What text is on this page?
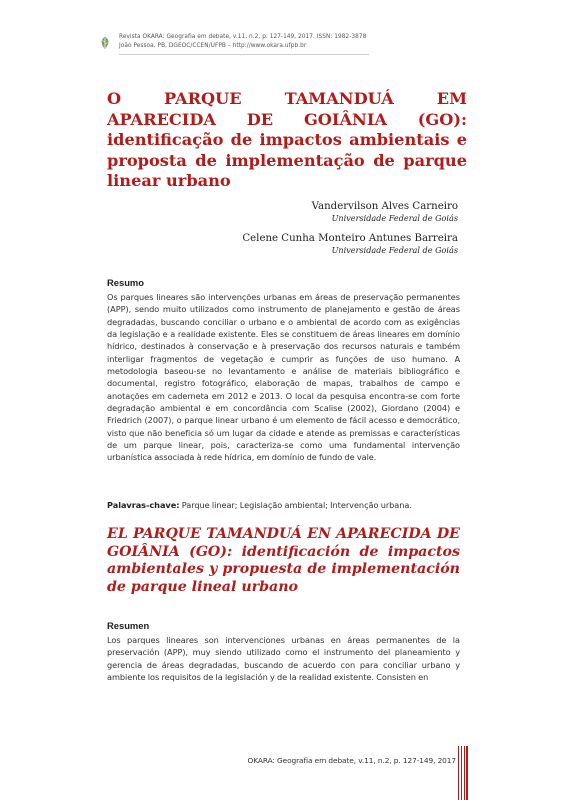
Revista OKARA: Geografia em debate, v.11, n.2, p. 127-149, 2017. ISSN: 1982-3878
João Pessoa, PB, DGEOC/CCEN/UFPB – http://www.okara.ufpb.br
O PARQUE TAMANDUÁ EM APARECIDA DE GOIÂNIA (GO): identificação de impactos ambientais e proposta de implementação de parque linear urbano
Vandervilson Alves Carneiro
Universidade Federal de Goiás
Celene Cunha Monteiro Antunes Barreira
Universidade Federal de Goiás
Resumo

Os parques lineares são intervenções urbanas em áreas de preservação permanentes (APP), sendo muito utilizados como instrumento de planejamento e gestão de áreas degradadas, buscando conciliar o urbano e o ambiental de acordo com as exigências da legislação e a realidade existente. Eles se constituem de áreas lineares em domínio hídrico, destinados à conservação e à preservação dos recursos naturais e também interligar fragmentos de vegetação e cumprir as funções de uso humano. A metodologia baseou-se no levantamento e análise de materiais bibliográfico e documental, registro fotográfico, elaboração de mapas, trabalhos de campo e anotações em caderneta em 2012 e 2013. O local da pesquisa encontra-se com forte degradação ambiental e em concordância com Scalise (2002), Giordano (2004) e Friedrich (2007), o parque linear urbano é um elemento de fácil acesso e democrático, visto que não beneficia só um lugar da cidade e atende as premissas e características de um parque linear, pois, caracteriza-se como uma fundamental intervenção urbanística associada à rede hídrica, em domínio de fundo de vale.

Palavras-chave: Parque linear; Legislação ambiental; Intervenção urbana.
EL PARQUE TAMANDUÁ EN APARECIDA DE GOIÂNIA (GO): identificación de impactos ambientales y propuesta de implementación de parque lineal urbano
Resumen

Los parques lineares son intervenciones urbanas en áreas permanentes de la preservación (APP), muy siendo utilizado como el instrumento del planeamiento y gerencia de áreas degradadas, buscando de acuerdo con para conciliar urbano y ambiente los requisitos de la legislación y de la realidad existente. Consisten en

OKARA: Geografia em debate, v.11, n.2, p. 127-149, 2017
